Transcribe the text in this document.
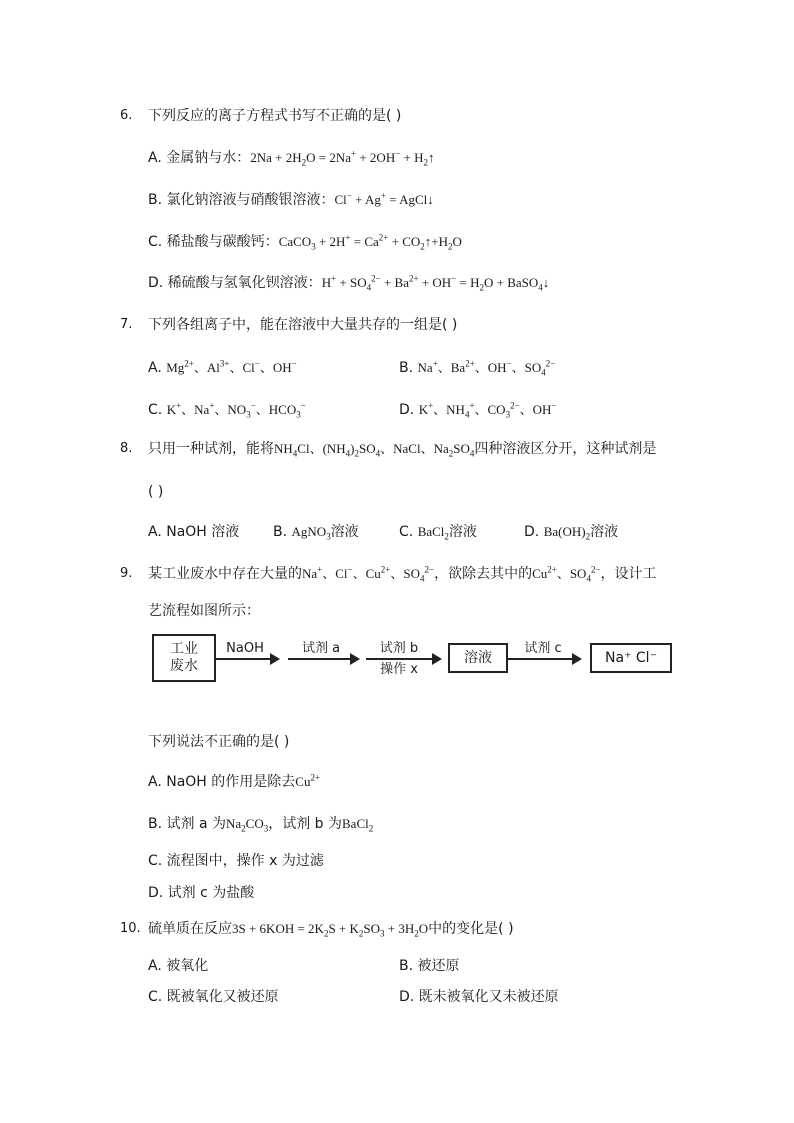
6. 下列反应的离子方程式书写不正确的是( )
A. 金属钠与水：$2Na + 2H_2O = 2Na^+ + 2OH^-$ + $H_2↑$
B. 氯化钠溶液与硝酸银溶液：Cl− + Ag+ = AgCl↓
C. 稀盐酸与碳酸钙：CaCO$_3$ + $2H^+ = Ca^{2+}$ + $CO_2↑+H_2O$
D. 稀硫酸与氢氧化钡溶液：$H^+ + SO_4^{2-} + Ba^{2+} + OH^- = H_2O$ + BaSO$_4$↓
7. 下列各组离子中，能在溶液中大量共存的一组是( )
A. $Mg^{2+}$、$Al^{3+}$、Cl−、OH−	B. Na+、$Ba^{2+}$、OH−、$SO_4^{2-}$
C. K+、Na+、$NO_3^-$、$HCO_3^-$	D. K+、$NH_4^+$、$CO_3^{2-}$、OH−
8. 只用一种试剂，能将$NH_4Cl$、$(NH_4)_2SO_4$、NaCl、$Na_2SO_4$四种溶液区分开，这种试剂是
( )
A. NaOH 溶液 B. AgNO$_3$溶液	C. BaCl$_2$溶液	D. $Ba(OH)_2$溶液
9. 某工业废水中存在大量的Na+、Cl−、$Cu^{2+}$、$SO_4^{2-}$，欲除去其中的$Cu^{2+}$、$SO_4^{2-}$，设计工
艺流程如图所示：
工业
废水
NaOH	试剂 a	试剂 b
操作 x
溶液
试剂 c
Na⁺ Cl⁻
下列说法不正确的是( )
A. NaOH 的作用是除去$Cu^{2+}$
B. 试剂 a 为$Na_2CO_3$，试剂 b 为BaCl$_2$
C. 流程图中，操作 x 为过滤
D. 试剂 c 为盐酸
10. 硫单质在反应$3S + 6KOH = 2K_2S + K_2SO_3 + 3H_2O$中的变化是( )
A. 被氧化	B. 被还原
C. 既被氧化又被还原	D. 既未被氧化又未被还原
